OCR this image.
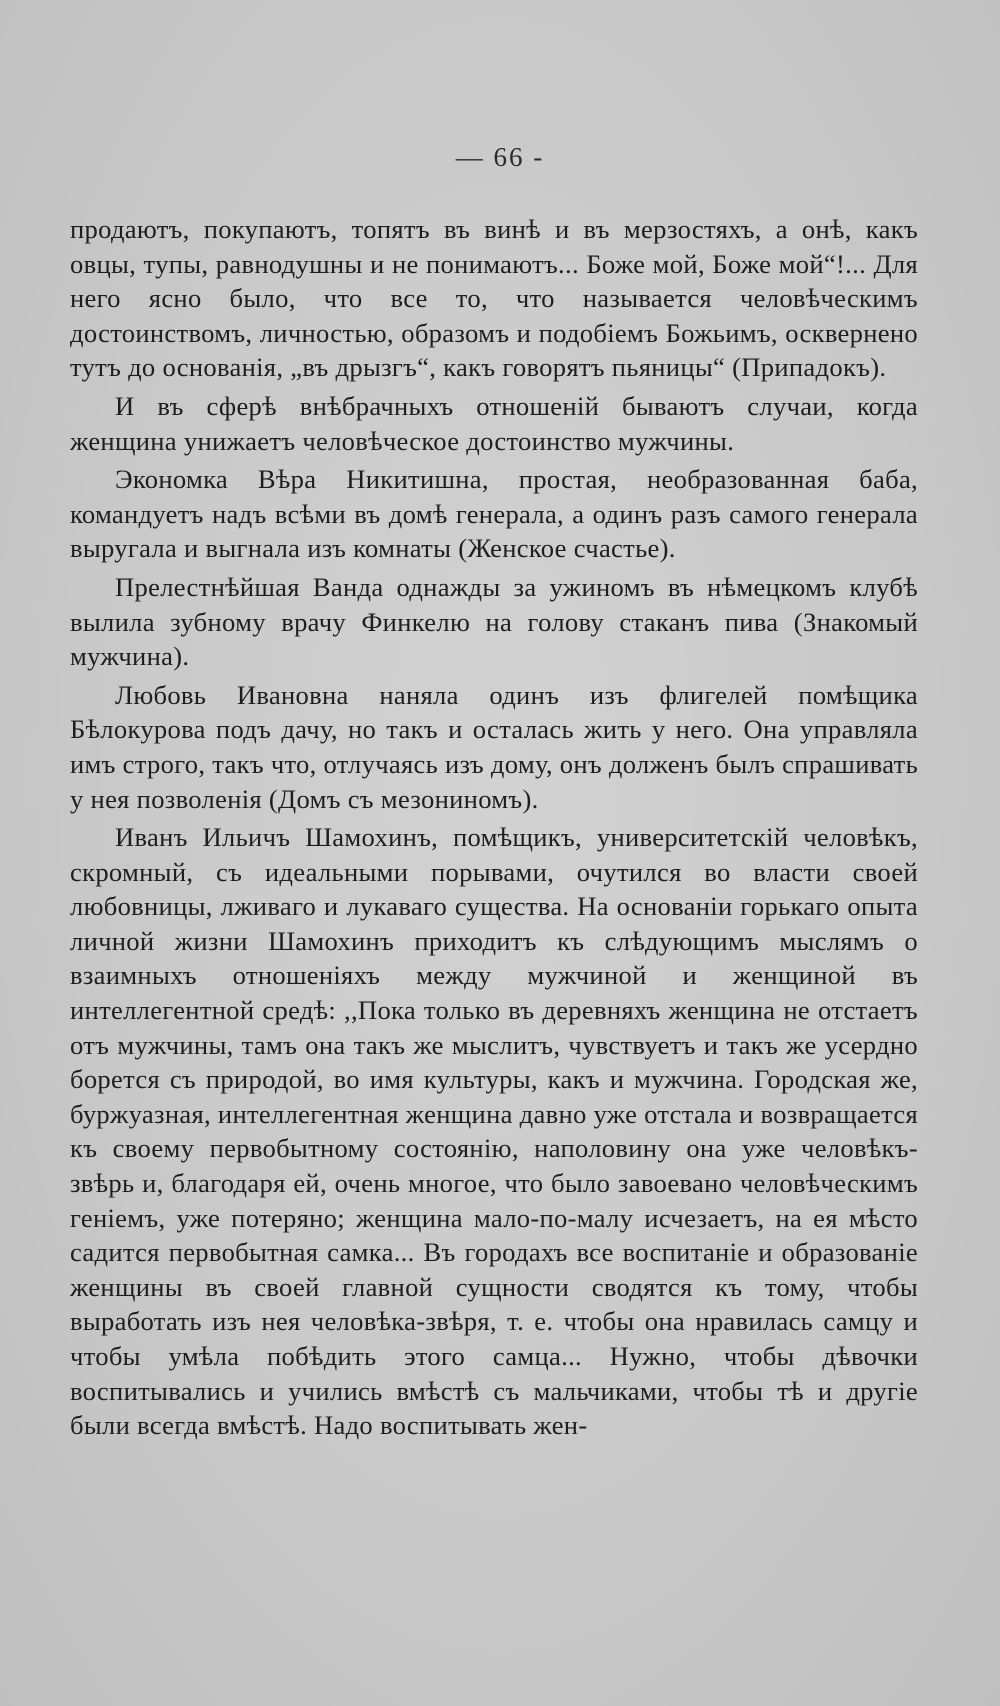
— 66 -

продаютъ, покупаютъ, топятъ въ винѣ и въ мерзостяхъ, а онѣ, какъ овцы, тупы, равнодушны и не понимаютъ... Боже мой, Боже мой“!... Для него ясно было, что все то, что называется человѣческимъ достоинствомъ, личностью, образомъ и подобіемъ Божьимъ, осквернено тутъ до основанія, „въ дрызгъ“, какъ говорятъ пьяницы“ (Припадокъ).

И въ сферѣ внѣбрачныхъ отношеній бываютъ случаи, когда женщина унижаетъ человѣческое достоинство мужчины.

Экономка Вѣра Никитишна, простая, необразованная баба, командуетъ надъ всѣми въ домѣ генерала, а одинъ разъ самого генерала выругала и выгнала изъ комнаты (Женское счастье).

Прелестнѣйшая Ванда однажды за ужиномъ въ нѣмецкомъ клубѣ вылила зубному врачу Финкелю на голову стаканъ пива (Знакомый мужчина).

Любовь Ивановна наняла одинъ изъ флигелей помѣщика Бѣлокурова подъ дачу, но такъ и осталась жить у него. Она управляла имъ строго, такъ что, отлучаясь изъ дому, онъ долженъ былъ спрашивать у нея позволенія (Домъ съ мезониномъ).

Иванъ Ильичъ Шамохинъ, помѣщикъ, университетскій человѣкъ, скромный, съ идеальными порывами, очутился во власти своей любовницы, лживаго и лукаваго существа. На основаніи горькаго опыта личной жизни Шамохинъ приходитъ къ слѣдующимъ мыслямъ о взаимныхъ отношеніяхъ между мужчиной и женщиной въ интеллегентной средѣ: ,,Пока только въ деревняхъ женщина не отстаетъ отъ мужчины, тамъ она такъ же мыслитъ, чувствуетъ и такъ же усердно борется съ природой, во имя культуры, какъ и мужчина. Городская же, буржуазная, интеллегентная женщина давно уже отстала и возвращается къ своему первобытному состоянію, наполовину она уже человѣкъ-звѣрь и, благодаря ей, очень многое, что было завоевано человѣческимъ геніемъ, уже потеряно; женщина мало-по-малу исчезаетъ, на ея мѣсто садится первобытная самка... Въ городахъ все воспитаніе и образованіе женщины въ своей главной сущности сводятся къ тому, чтобы выработать изъ нея человѣка-звѣря, т. е. чтобы она нравилась самцу и чтобы умѣла побѣдить этого самца... Нужно, чтобы дѣвочки воспитывались и учились вмѣстѣ съ мальчиками, чтобы тѣ и другіе были всегда вмѣстѣ. Надо воспитывать жен-
